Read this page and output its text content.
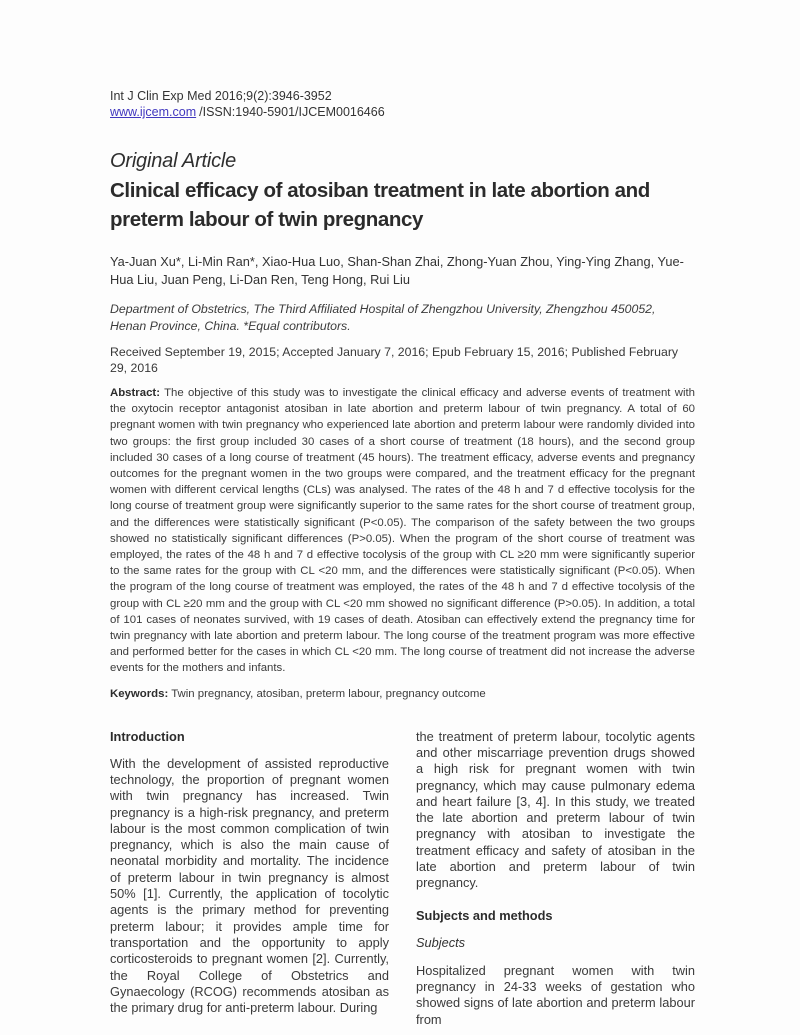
Int J Clin Exp Med 2016;9(2):3946-3952
www.ijcem.com /ISSN:1940-5901/IJCEM0016466
Original Article
Clinical efficacy of atosiban treatment in late abortion and preterm labour of twin pregnancy

Ya-Juan Xu*, Li-Min Ran*, Xiao-Hua Luo, Shan-Shan Zhai, Zhong-Yuan Zhou, Ying-Ying Zhang, Yue-Hua Liu, Juan Peng, Li-Dan Ren, Teng Hong, Rui Liu

Department of Obstetrics, The Third Affiliated Hospital of Zhengzhou University, Zhengzhou 450052, Henan Province, China. *Equal contributors.

Received September 19, 2015; Accepted January 7, 2016; Epub February 15, 2016; Published February 29, 2016

Abstract: The objective of this study was to investigate the clinical efficacy and adverse events of treatment with the oxytocin receptor antagonist atosiban in late abortion and preterm labour of twin pregnancy. A total of 60 pregnant women with twin pregnancy who experienced late abortion and preterm labour were randomly divided into two groups: the first group included 30 cases of a short course of treatment (18 hours), and the second group included 30 cases of a long course of treatment (45 hours). The treatment efficacy, adverse events and pregnancy outcomes for the pregnant women in the two groups were compared, and the treatment efficacy for the pregnant women with different cervical lengths (CLs) was analysed. The rates of the 48 h and 7 d effective tocolysis for the long course of treatment group were significantly superior to the same rates for the short course of treatment group, and the differences were statistically significant (P<0.05). The comparison of the safety between the two groups showed no statistically significant differences (P>0.05). When the program of the short course of treatment was employed, the rates of the 48 h and 7 d effective tocolysis of the group with CL ≥20 mm were significantly superior to the same rates for the group with CL <20 mm, and the differences were statistically significant (P<0.05). When the program of the long course of treatment was employed, the rates of the 48 h and 7 d effective tocolysis of the group with CL ≥20 mm and the group with CL <20 mm showed no significant difference (P>0.05). In addition, a total of 101 cases of neonates survived, with 19 cases of death. Atosiban can effectively extend the pregnancy time for twin pregnancy with late abortion and preterm labour. The long course of the treatment program was more effective and performed better for the cases in which CL <20 mm. The long course of treatment did not increase the adverse events for the mothers and infants.

Keywords: Twin pregnancy, atosiban, preterm labour, pregnancy outcome

Introduction

With the development of assisted reproductive technology, the proportion of pregnant women with twin pregnancy has increased. Twin pregnancy is a high-risk pregnancy, and preterm labour is the most common complication of twin pregnancy, which is also the main cause of neonatal morbidity and mortality. The incidence of preterm labour in twin pregnancy is almost 50% [1]. Currently, the application of tocolytic agents is the primary method for preventing preterm labour; it provides ample time for transportation and the opportunity to apply corticosteroids to pregnant women [2]. Currently, the Royal College of Obstetrics and Gynaecology (RCOG) recommends atosiban as the primary drug for anti-preterm labour. During

the treatment of preterm labour, tocolytic agents and other miscarriage prevention drugs showed a high risk for pregnant women with twin pregnancy, which may cause pulmonary edema and heart failure [3, 4]. In this study, we treated the late abortion and preterm labour of twin pregnancy with atosiban to investigate the treatment efficacy and safety of atosiban in the late abortion and preterm labour of twin pregnancy.

Subjects and methods
Subjects

Hospitalized pregnant women with twin pregnancy in 24-33 weeks of gestation who showed signs of late abortion and preterm labour from
